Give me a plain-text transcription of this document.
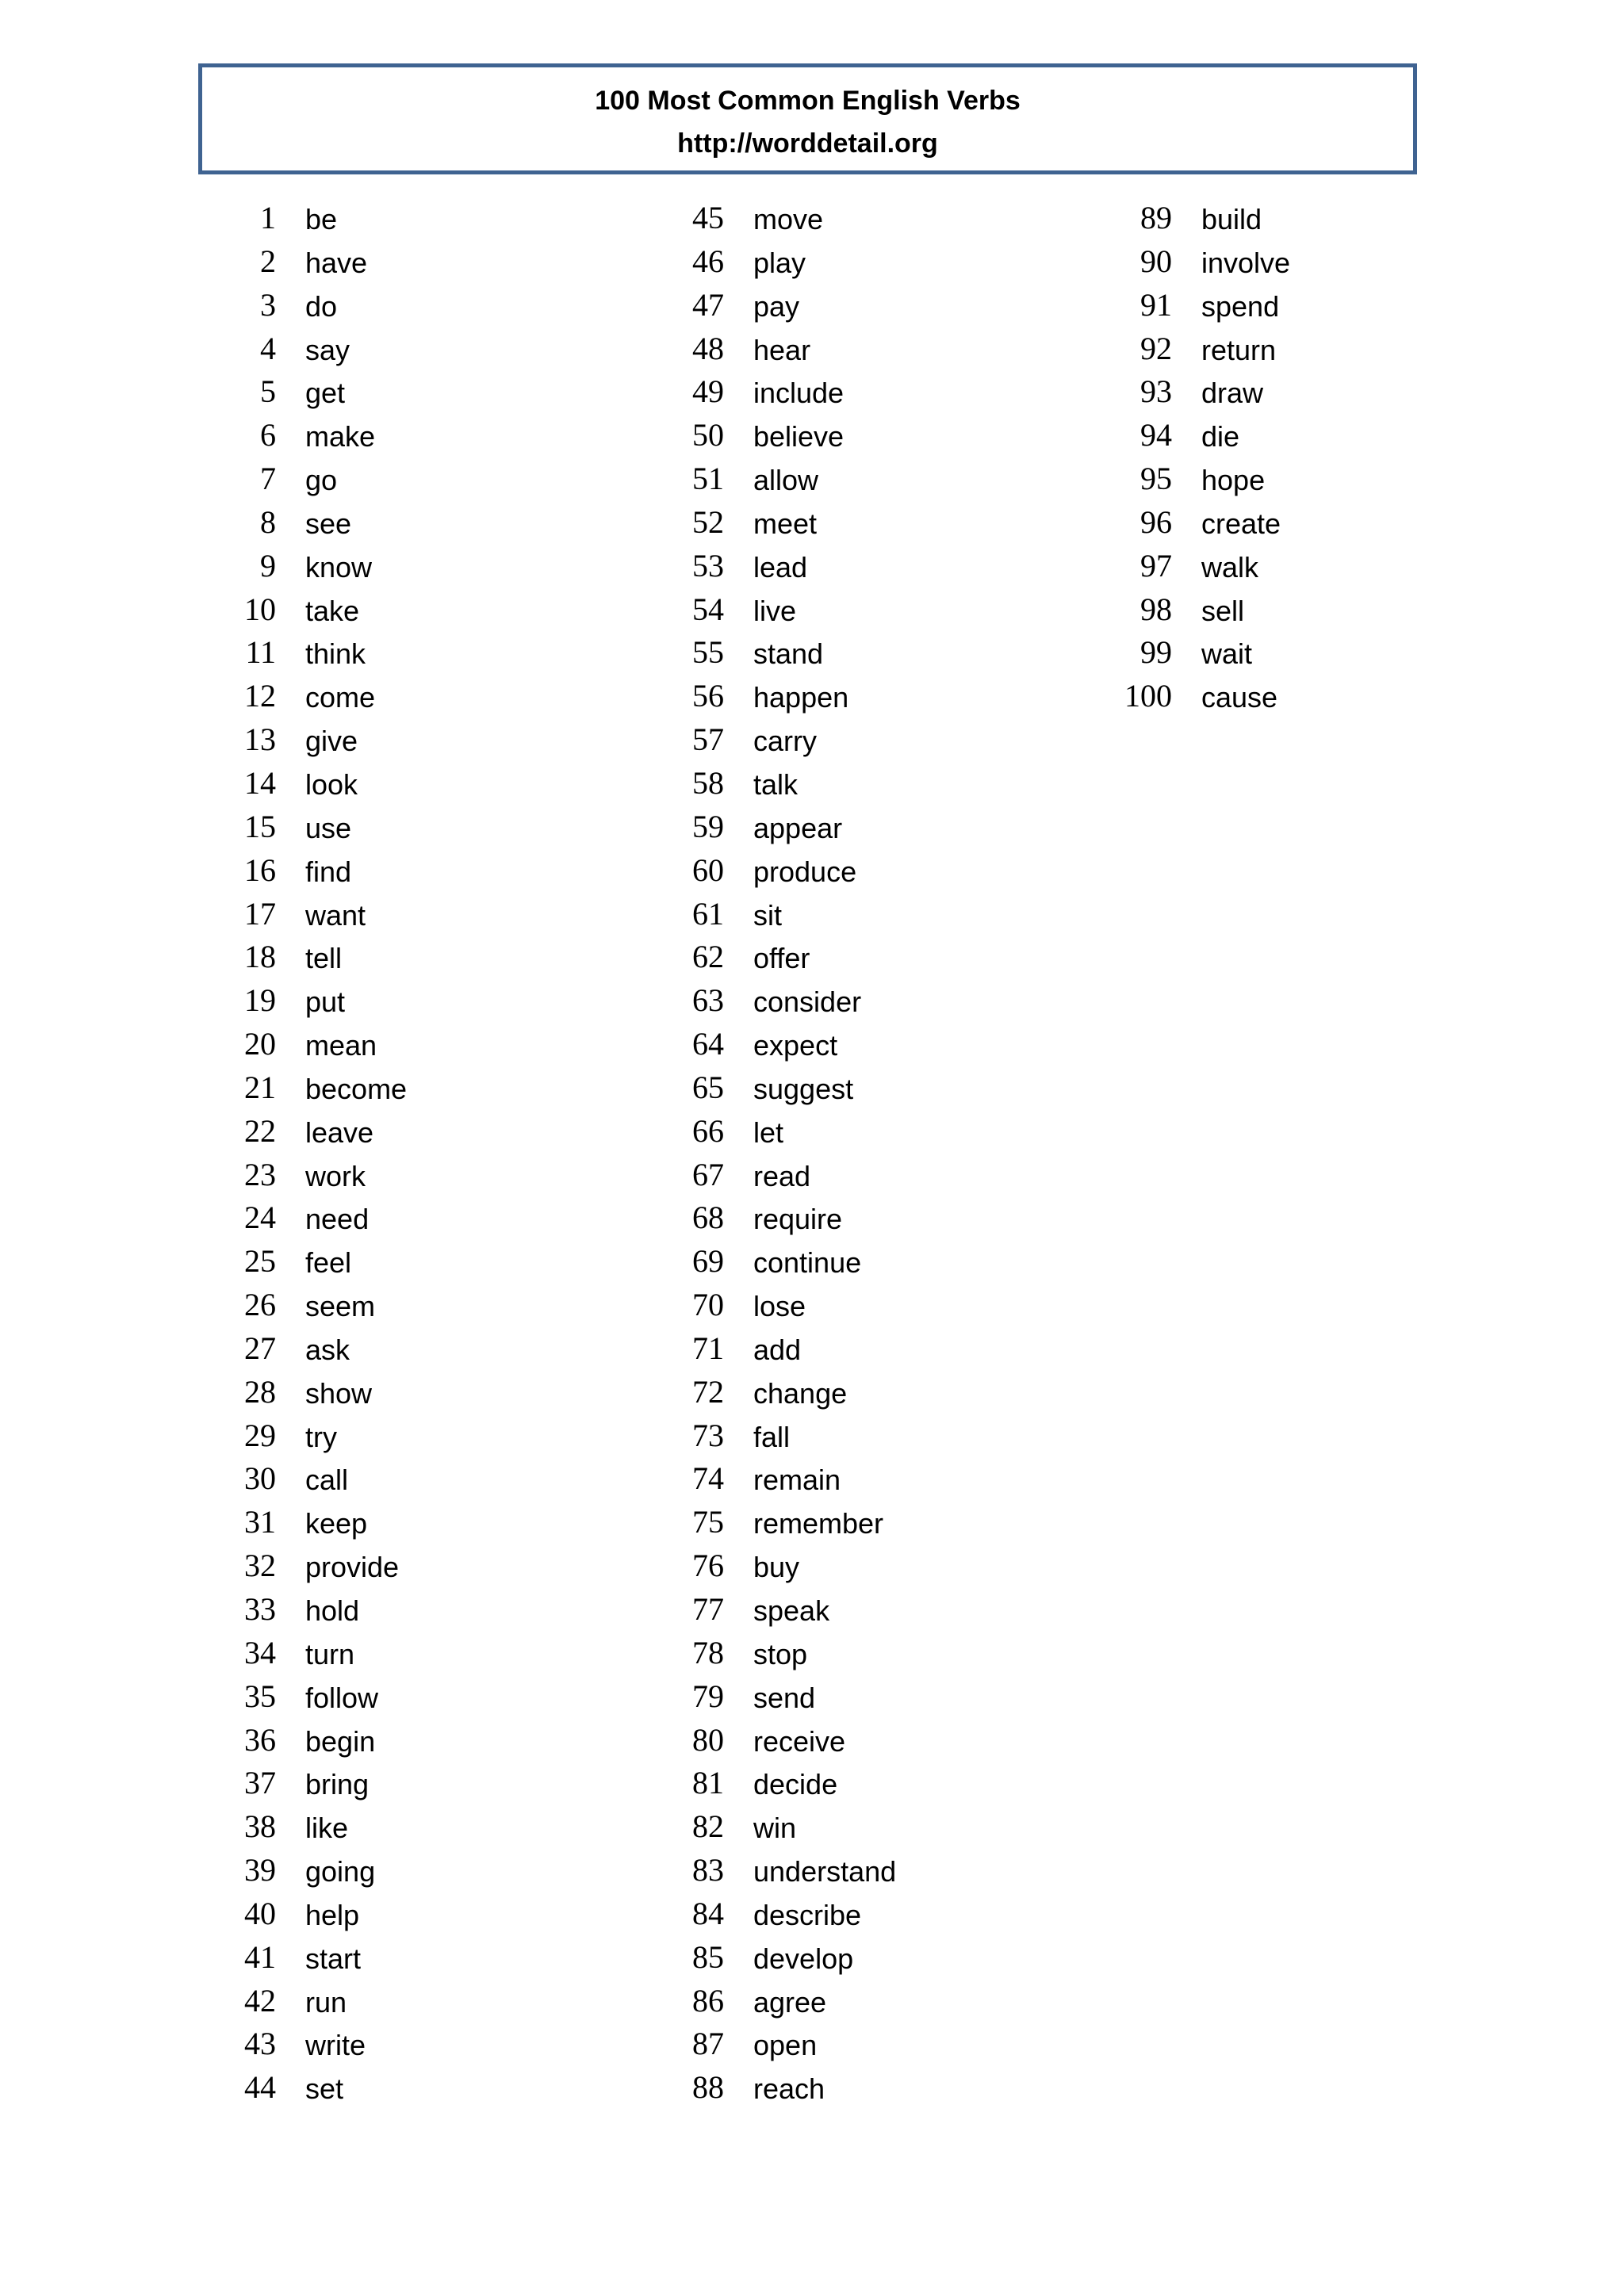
100 Most Common English Verbs
http://worddetail.org
1 be
2 have
3 do
4 say
5 get
6 make
7 go
8 see
9 know
10 take
11 think
12 come
13 give
14 look
15 use
16 find
17 want
18 tell
19 put
20 mean
21 become
22 leave
23 work
24 need
25 feel
26 seem
27 ask
28 show
29 try
30 call
31 keep
32 provide
33 hold
34 turn
35 follow
36 begin
37 bring
38 like
39 going
40 help
41 start
42 run
43 write
44 set
45 move
46 play
47 pay
48 hear
49 include
50 believe
51 allow
52 meet
53 lead
54 live
55 stand
56 happen
57 carry
58 talk
59 appear
60 produce
61 sit
62 offer
63 consider
64 expect
65 suggest
66 let
67 read
68 require
69 continue
70 lose
71 add
72 change
73 fall
74 remain
75 remember
76 buy
77 speak
78 stop
79 send
80 receive
81 decide
82 win
83 understand
84 describe
85 develop
86 agree
87 open
88 reach
89 build
90 involve
91 spend
92 return
93 draw
94 die
95 hope
96 create
97 walk
98 sell
99 wait
100 cause
